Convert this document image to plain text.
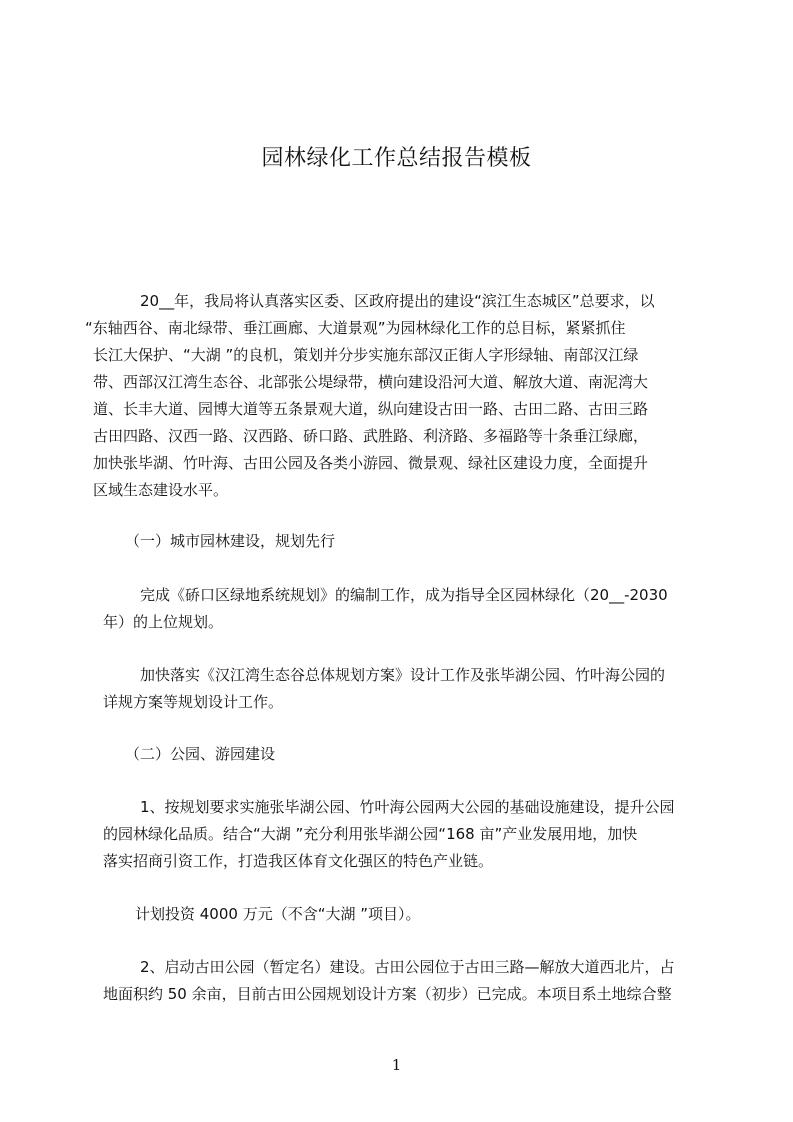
园林绿化工作总结报告模板
20__年，我局将认真落实区委、区政府提出的建设“滨江生态城区”总要求，以
“东轴西谷、南北绿带、垂江画廊、大道景观”为园林绿化工作的总目标，紧紧抓住
长江大保护、“大湖 ”的良机，策划并分步实施东部汉正街人字形绿轴、南部汉江绿
带、西部汉江湾生态谷、北部张公堤绿带，横向建设沿河大道、解放大道、南泥湾大
道、长丰大道、园博大道等五条景观大道，纵向建设古田一路、古田二路、古田三路
古田四路、汉西一路、汉西路、硚口路、武胜路、利济路、多福路等十条垂江绿廊，
加快张毕湖、竹叶海、古田公园及各类小游园、微景观、绿社区建设力度，全面提升
区域生态建设水平。
（一）城市园林建设，规划先行
完成《硚口区绿地系统规划》的编制工作，成为指导全区园林绿化（20__-2030
年）的上位规划。
加快落实《汉江湾生态谷总体规划方案》设计工作及张毕湖公园、竹叶海公园的
详规方案等规划设计工作。
（二）公园、游园建设
1、按规划要求实施张毕湖公园、竹叶海公园两大公园的基础设施建设，提升公园
的园林绿化品质。结合“大湖 ”充分利用张毕湖公园“168 亩”产业发展用地，加快
落实招商引资工作，打造我区体育文化强区的特色产业链。
计划投资 4000 万元（不含“大湖 ”项目）。
2、启动古田公园（暂定名）建设。古田公园位于古田三路—解放大道西北片，占
地面积约 50 余亩，目前古田公园规划设计方案（初步）已完成。本项目系土地综合整
1
